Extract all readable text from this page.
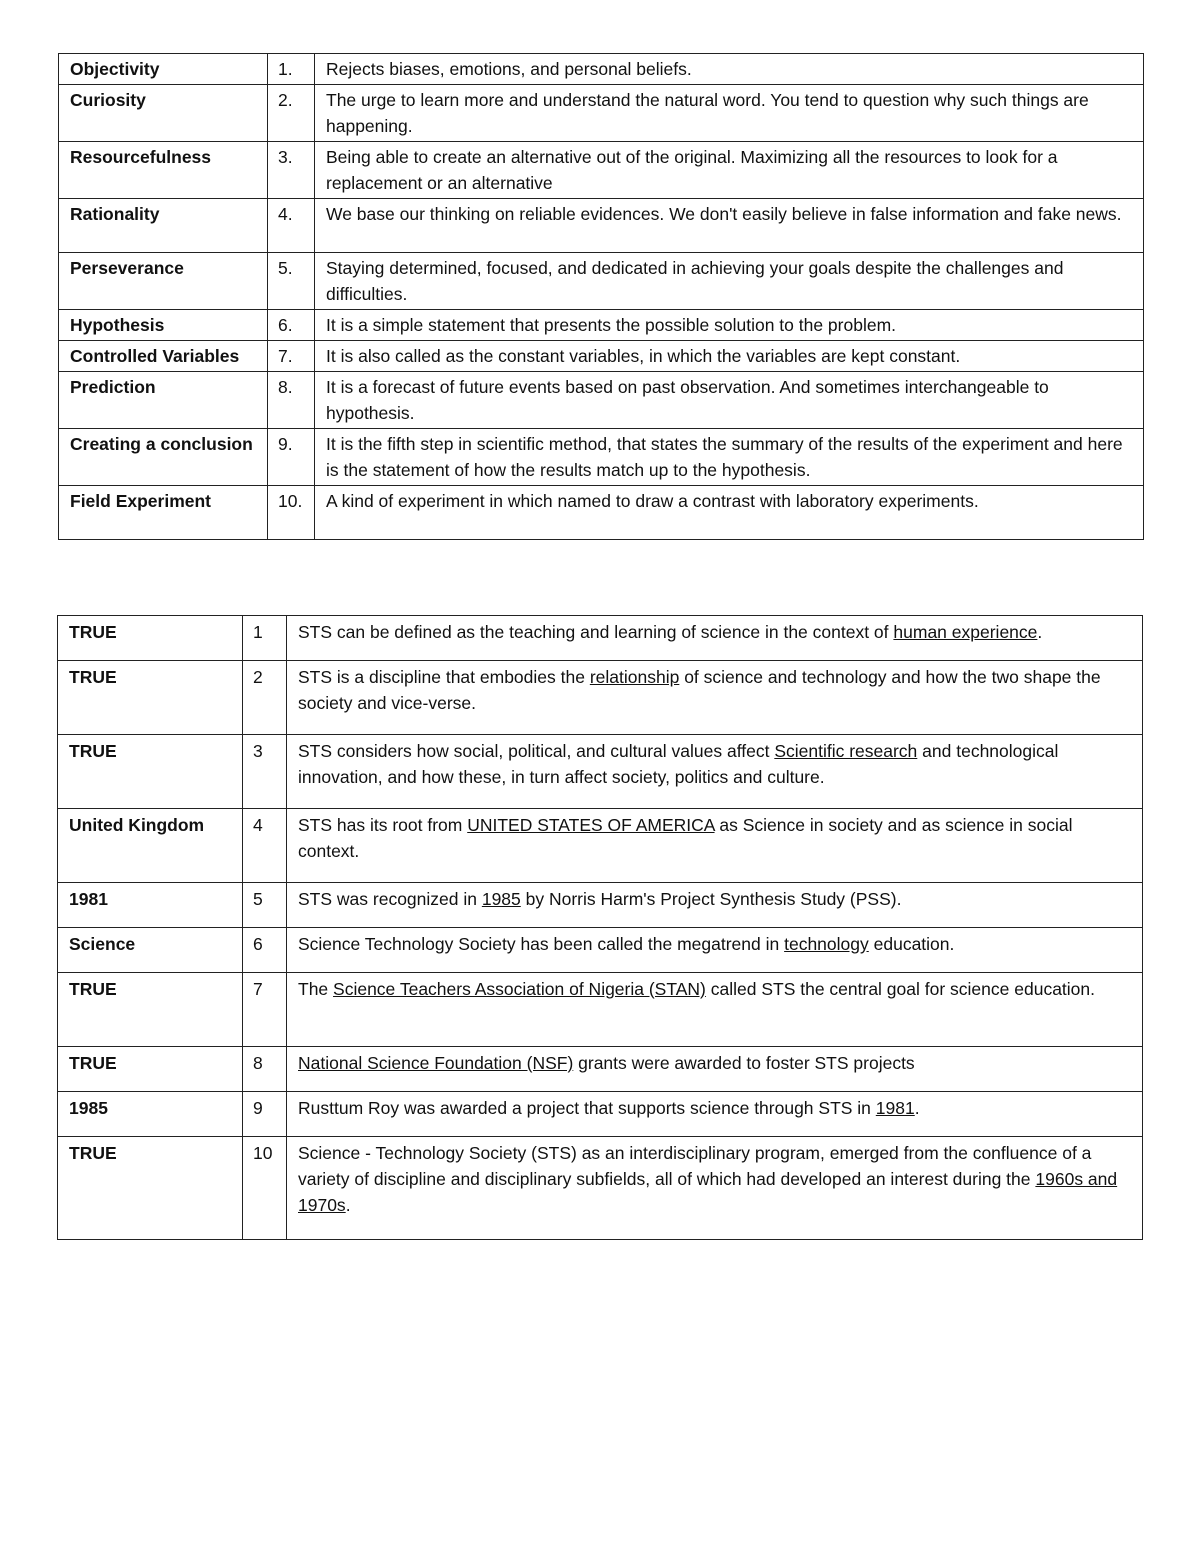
Objectivity	1.	Rejects biases, emotions, and personal beliefs.
Curiosity	2.	The urge to learn more and understand the natural word. You tend to question why such things are happening.
Resourcefulness	3.	Being able to create an alternative out of the original. Maximizing all the resources to look for a replacement or an alternative
Rationality	4.	We base our thinking on reliable evidences. We don't easily believe in false information and fake news.
Perseverance	5.	Staying determined, focused, and dedicated in achieving your goals despite the challenges and difficulties.
Hypothesis	6.	It is a simple statement that presents the possible solution to the problem.
Controlled Variables	7.	It is also called as the constant variables, in which the variables are kept constant.
Prediction	8.	It is a forecast of future events based on past observation. And sometimes interchangeable to hypothesis.
Creating a conclusion	9.	It is the fifth step in scientific method, that states the summary of the results of the experiment and here is the statement of how the results match up to the hypothesis.
Field Experiment	10.	A kind of experiment in which named to draw a contrast with laboratory experiments.
TRUE	1	STS can be defined as the teaching and learning of science in the context of human experience.
TRUE	2	STS is a discipline that embodies the relationship of science and technology and how the two shape the society and vice-verse.
TRUE	3	STS considers how social, political, and cultural values affect Scientific research and technological innovation, and how these, in turn affect society, politics and culture.
United Kingdom	4	STS has its root from UNITED STATES OF AMERICA as Science in society and as science in social context.
1981	5	STS was recognized in 1985 by Norris Harm's Project Synthesis Study (PSS).
Science	6	Science Technology Society has been called the megatrend in technology education.
TRUE	7	The Science Teachers Association of Nigeria (STAN) called STS the central goal for science education.
TRUE	8	National Science Foundation (NSF) grants were awarded to foster STS projects
1985	9	Rusttum Roy was awarded a project that supports science through STS in 1981.
TRUE	10	Science - Technology Society (STS) as an interdisciplinary program, emerged from the confluence of a variety of discipline and disciplinary subfields, all of which had developed an interest during the 1960s and 1970s.
